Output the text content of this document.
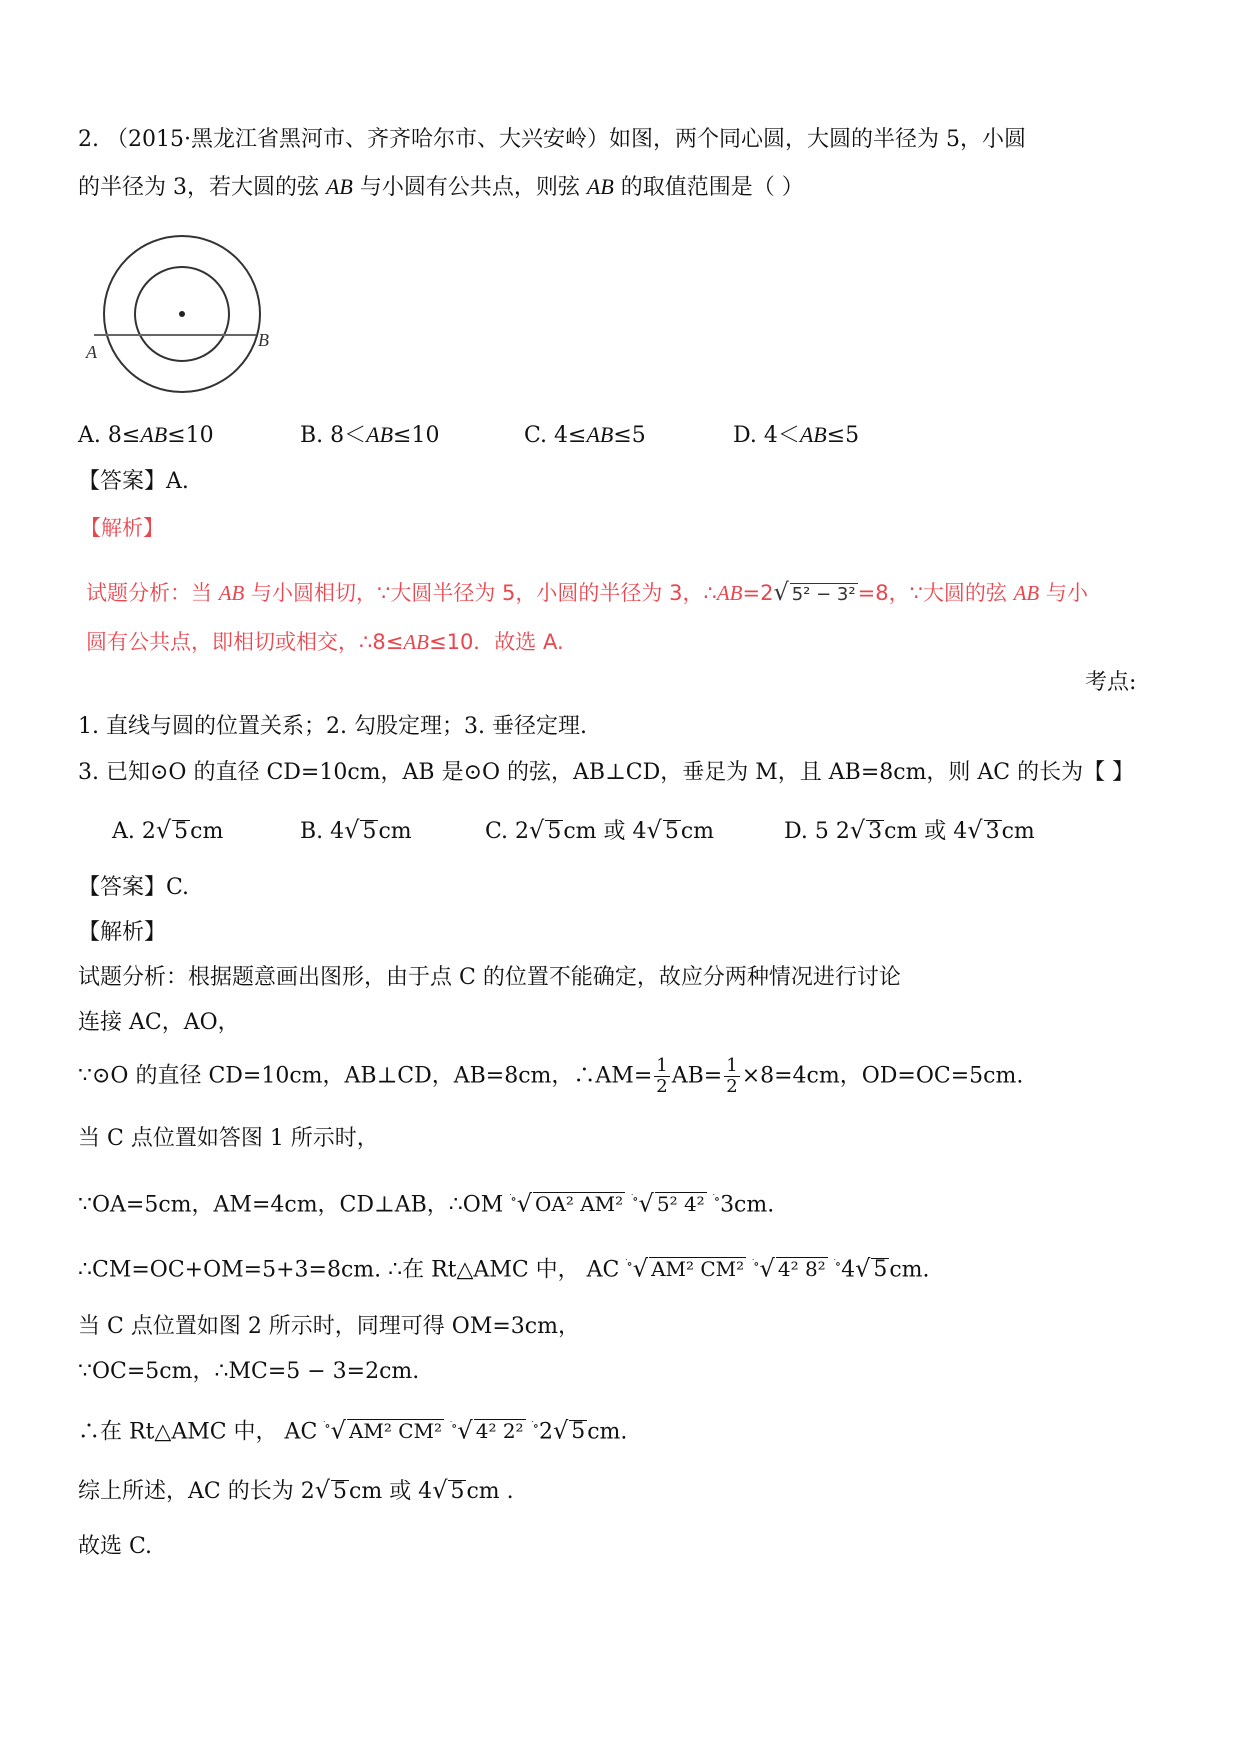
2. （2015·黑龙江省黑河市、齐齐哈尔市、大兴安岭）如图，两个同心圆，大圆的半径为 5，小圆
的半径为 3，若大圆的弦 AB 与小圆有公共点，则弦 AB 的取值范围是（ ）
A
B
A. 8≤AB≤10	B. 8＜AB≤10	C. 4≤AB≤5	D. 4＜AB≤5
【答案】A.
【解析】
试题分析：当 AB 与小圆相切，∵大圆半径为 5，小圆的半径为 3，∴AB=2√ 5² − 3²=8，∵大圆的弦 AB 与小
圆有公共点，即相切或相交，∴8≤AB≤10．故选 A.
考点:
1. 直线与圆的位置关系；2. 勾股定理；3. 垂径定理.
3. 已知⊙O 的直径 CD=10cm，AB 是⊙O 的弦，AB⊥CD，垂足为 M，且 AB=8cm，则 AC 的长为【 】
A. 2√ 5cm	B. 4√ 5cm	C. 2√ 5cm 或 4√ 5cm	D. 5 2√ 3cm 或 4√ 3cm
【答案】C.
【解析】
试题分析：根据题意画出图形，由于点 C 的位置不能确定，故应分两种情况进行讨论
连接 AC，AO，
∵⊙O 的直径 CD=10cm，AB⊥CD，AB=8cm，∴AM= $\frac{1}{2} AB= \frac{1}{2} \times 8=4cm$，OD=OC=5cm.
当 C 点位置如答图 1 所示时，
∵OA=5cm，AM=4cm，CD⊥AB，∴OM ׂ∘√ OA² AM² ׂ∘√ 5² 4² ׂ∘3cm.
∴CM=OC+OM=5+3=8cm. ∴在 Rt△AMC 中， AC ׂ∘√ AM² CM² ׂ∘√ 4² 8² ׂ∘4√ 5cm.
当 C 点位置如图 2 所示时，同理可得 OM=3cm，
∵OC=5cm，∴MC=5 − 3=2cm.
∴在 Rt△AMC 中， AC ׂ∘√ AM² CM² ׂ∘√ 4² 2² ׂ∘2√ 5cm.
综上所述，AC 的长为 2√ 5cm 或 4√ 5cm .
故选 C.
